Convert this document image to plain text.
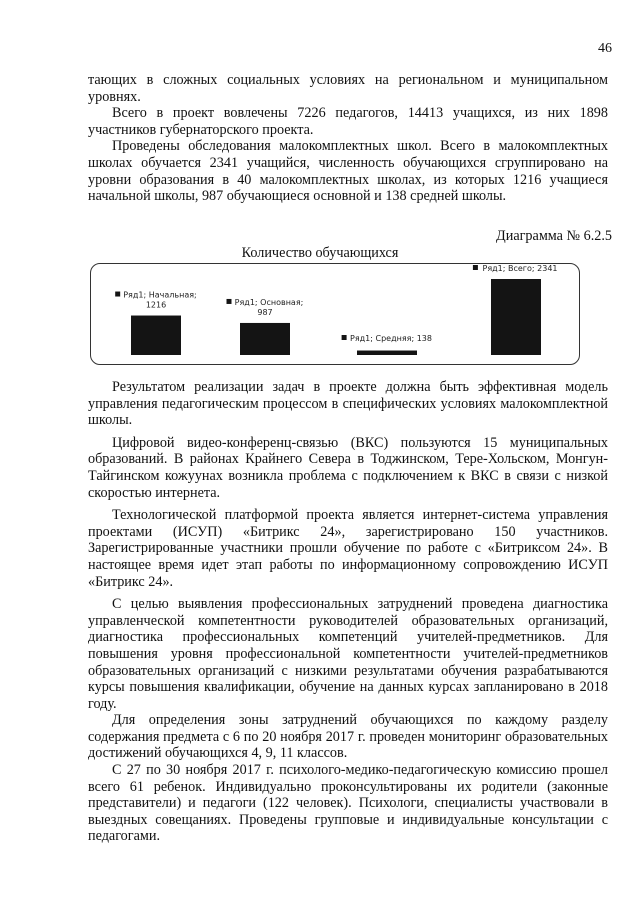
46

тающих в сложных социальных условиях на региональном и муниципальном уровнях.

Всего в проект вовлечены 7226 педагогов, 14413 учащихся, из них 1898 участников губернаторского проекта.

Проведены обследования малокомплектных школ. Всего в малокомплектных школах обучается 2341 учащийся, численность обучающихся сгруппировано на уровни образования в 40 малокомплектных школах, из которых 1216 учащиеся начальной школы, 987 обучающиеся основной и 138 средней школы.

Диаграмма № 6.2.5
Количество обучающихся
Ряд1; Начальная;
1216	Ряд1; Основная;
987
Ряд1; Средняя; 138
Ряд1; Всего; 2341

Результатом реализации задач в проекте должна быть эффективная модель управления педагогическим процессом в специфических условиях малокомплектной школы.

Цифровой видео-конференц-связью (ВКС) пользуются 15 муниципальных образований. В районах Крайнего Севера в Тоджинском, Тере-Хольском, Монгун-Тайгинском кожуунах возникла проблема с подключением к ВКС в связи с низкой скоростью интернета.

Технологической платформой проекта является интернет-система управления проектами (ИСУП) «Битрикс 24», зарегистрировано 150 участников. Зарегистрированные участники прошли обучение по работе с «Битриксом 24». В настоящее время идет этап работы по информационному сопровождению ИСУП «Битрикс 24».

С целью выявления профессиональных затруднений проведена диагностика управленческой компетентности руководителей образовательных организаций, диагностика профессиональных компетенций учителей-предметников. Для повышения уровня профессиональной компетентности учителей-предметников образовательных организаций с низкими результатами обучения разрабатываются курсы повышения квалификации, обучение на данных курсах запланировано в 2018 году.

Для определения зоны затруднений обучающихся по каждому разделу содержания предмета с 6 по 20 ноября 2017 г. проведен мониторинг образовательных достижений обучающихся 4, 9, 11 классов.

С 27 по 30 ноября 2017 г. психолого-медико-педагогическую комиссию прошел всего 61 ребенок. Индивидуально проконсультированы их родители (законные представители) и педагоги (122 человек). Психологи, специалисты участвовали в выездных совещаниях. Проведены групповые и индивидуальные консультации с педагогами.
